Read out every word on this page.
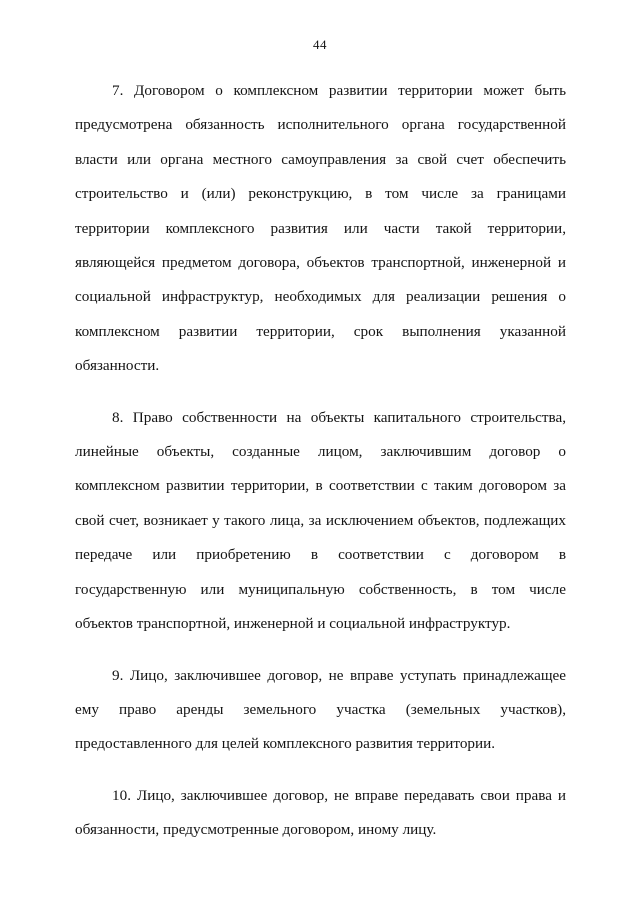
44

7. Договором о комплексном развитии территории может быть предусмотрена обязанность исполнительного органа государственной власти или органа местного самоуправления за свой счет обеспечить строительство и (или) реконструкцию, в том числе за границами территории комплексного развития или части такой территории, являющейся предметом договора, объектов транспортной, инженерной и социальной инфраструктур, необходимых для реализации решения о комплексном развитии территории, срок выполнения указанной обязанности.

8. Право собственности на объекты капитального строительства, линейные объекты, созданные лицом, заключившим договор о комплексном развитии территории, в соответствии с таким договором за свой счет, возникает у такого лица, за исключением объектов, подлежащих передаче или приобретению в соответствии с договором в государственную или муниципальную собственность, в том числе объектов транспортной, инженерной и социальной инфраструктур.

9. Лицо, заключившее договор, не вправе уступать принадлежащее ему право аренды земельного участка (земельных участков), предоставленного для целей комплексного развития территории.

10. Лицо, заключившее договор, не вправе передавать свои права и обязанности, предусмотренные договором, иному лицу.
